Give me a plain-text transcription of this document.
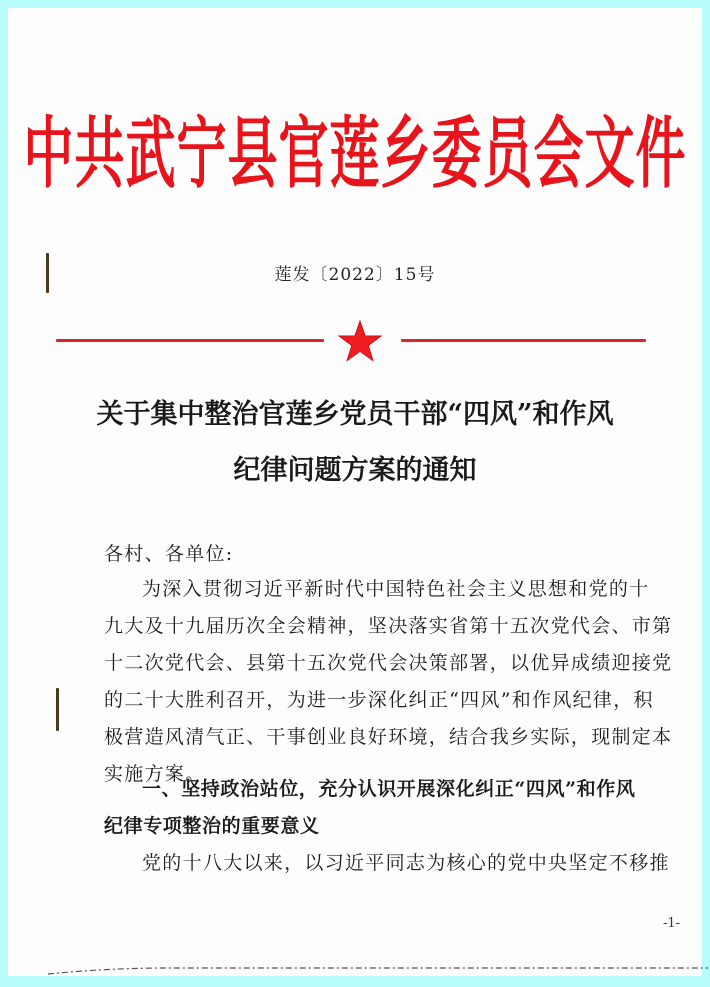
中共武宁县官莲乡委员会文件
莲发〔2022〕15号
关于集中整治官莲乡党员干部“四风”和作风
纪律问题方案的通知
各村、各单位:
为深入贯彻习近平新时代中国特色社会主义思想和党的十
九大及十九届历次全会精神，坚决落实省第十五次党代会、市第
十二次党代会、县第十五次党代会决策部署，以优异成绩迎接党
的二十大胜利召开，为进一步深化纠正“四风”和作风纪律，积
极营造风清气正、干事创业良好环境，结合我乡实际，现制定本
实施方案。
一、坚持政治站位，充分认识开展深化纠正“四风”和作风
纪律专项整治的重要意义
党的十八大以来，以习近平同志为核心的党中央坚定不移推
-1-
